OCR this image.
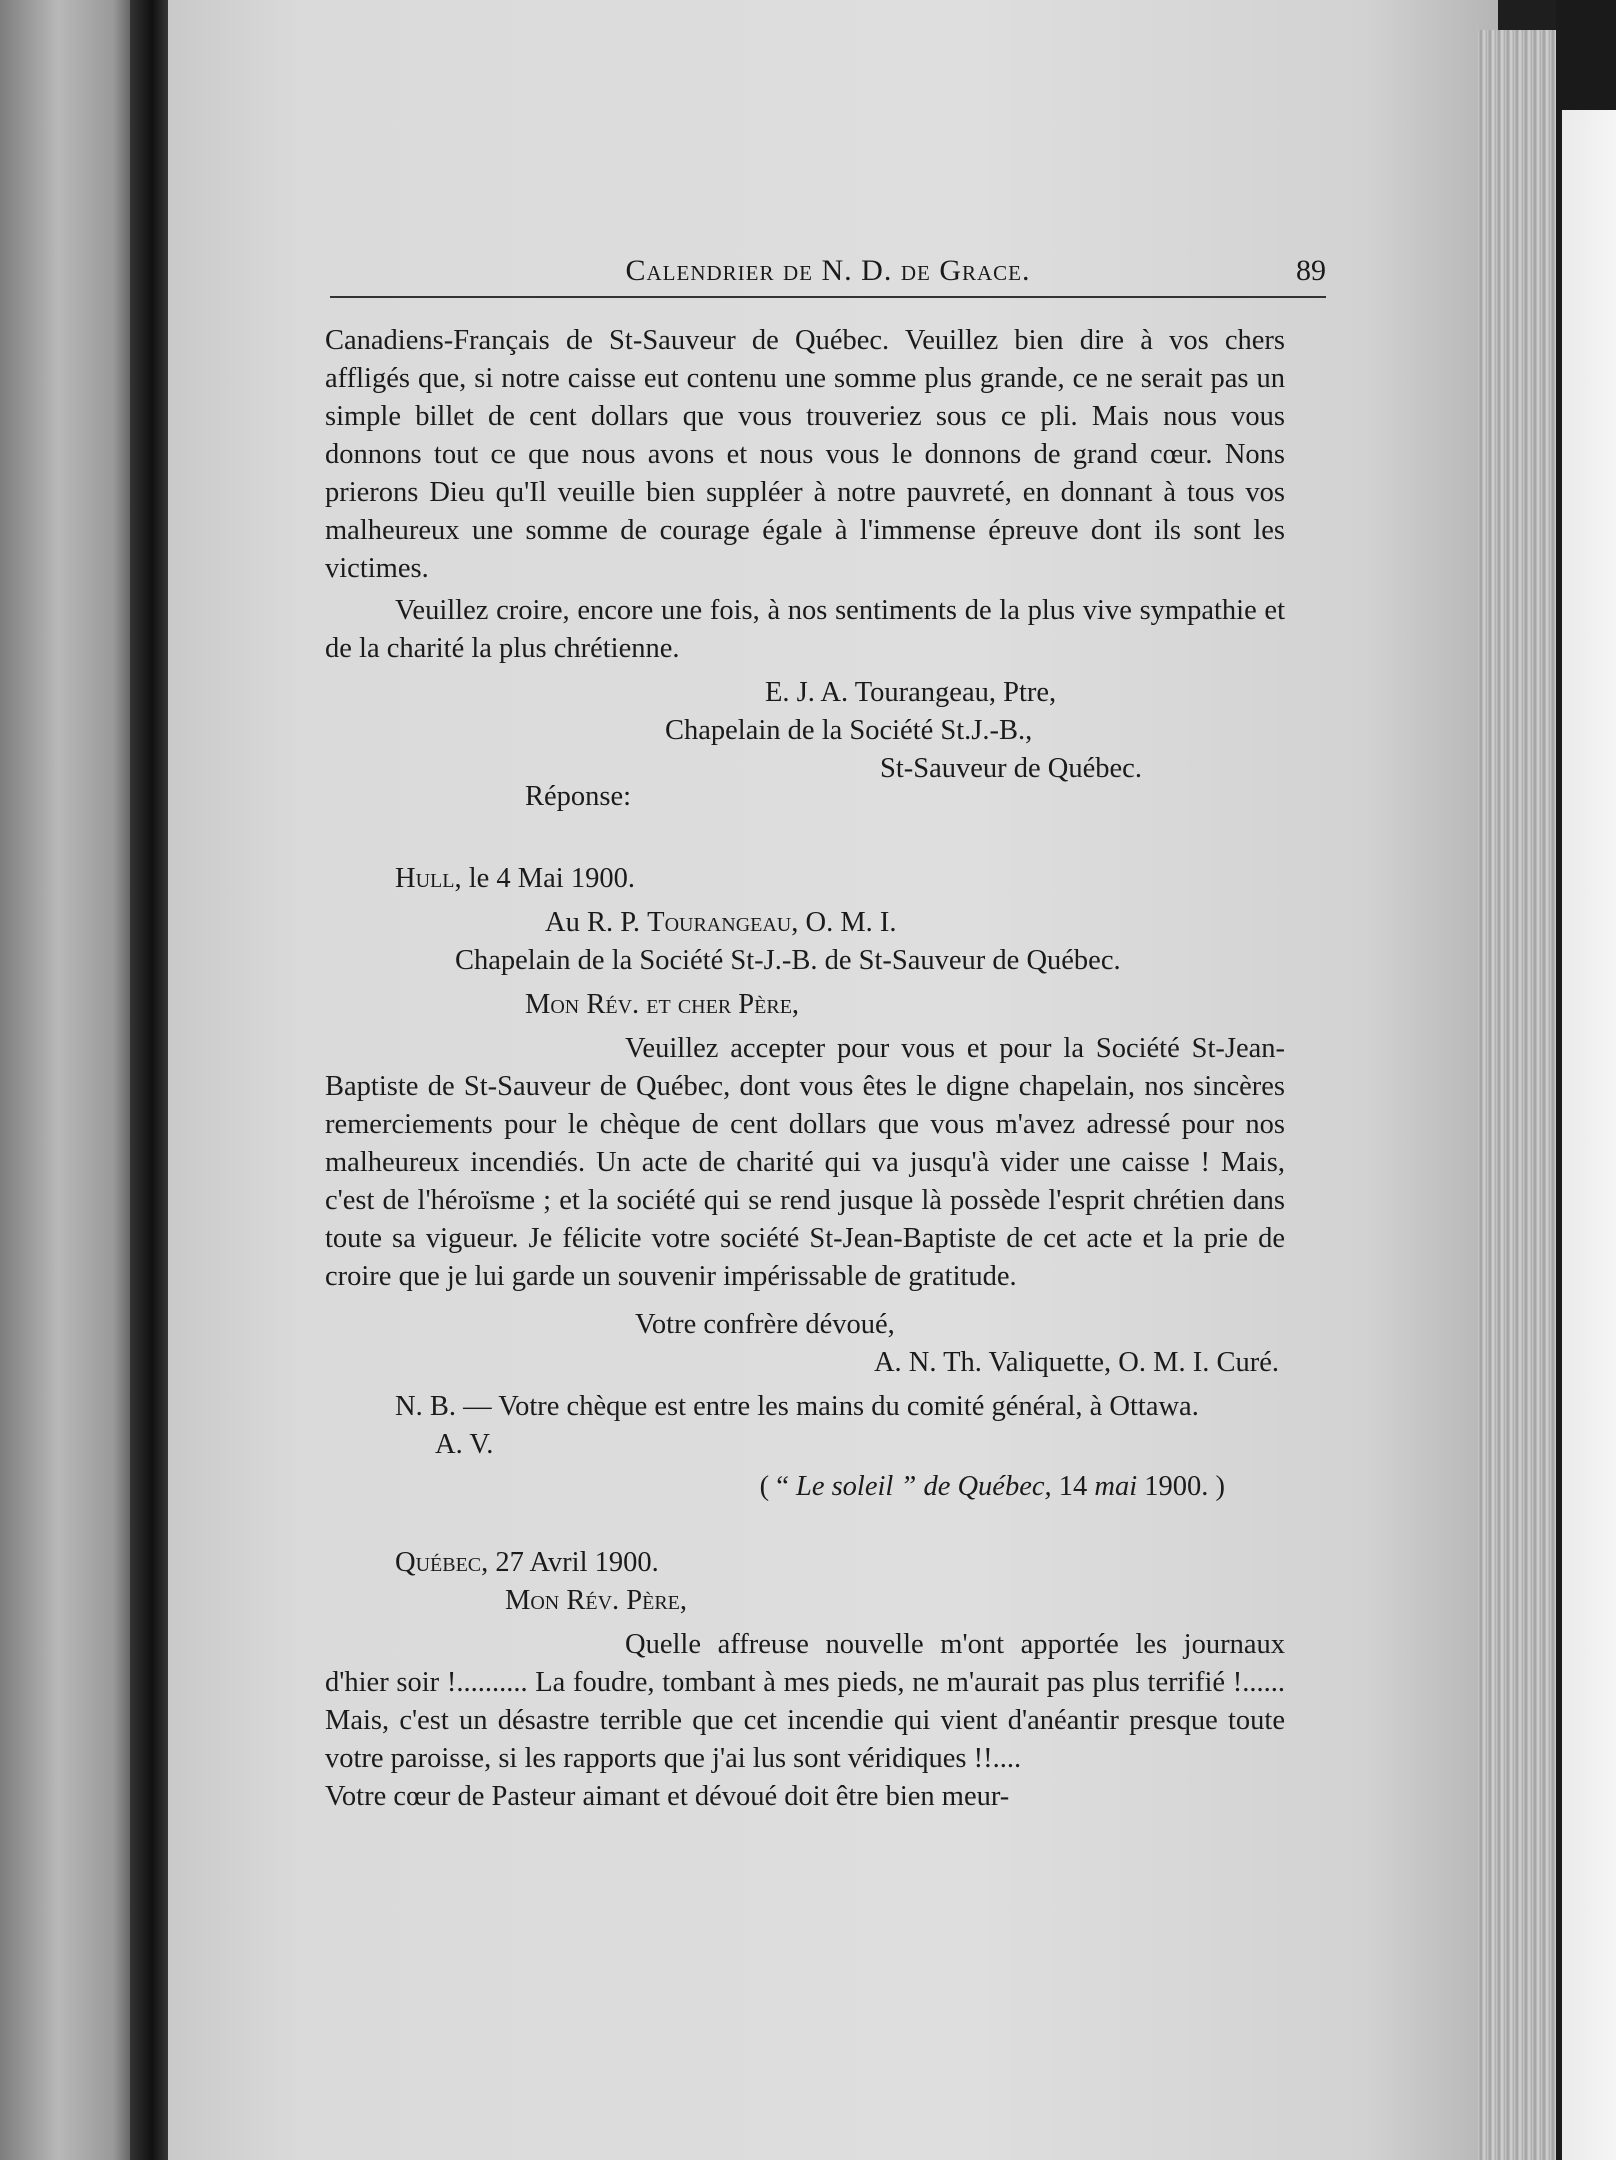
Calendrier de N. D. de Grace.	89

Canadiens-Français de St-Sauveur de Québec. Veuillez bien dire à vos chers affligés que, si notre caisse eut contenu une somme plus grande, ce ne serait pas un simple billet de cent dollars que vous trouveriez sous ce pli. Mais nous vous donnons tout ce que nous avons et nous vous le donnons de grand cœur. Nons prierons Dieu qu'Il veuille bien suppléer à notre pauvreté, en donnant à tous vos malheureux une somme de courage égale à l'immense épreuve dont ils sont les victimes.

Veuillez croire, encore une fois, à nos sentiments de la plus vive sympathie et de la charité la plus chrétienne.

E. J. A. Tourangeau, Ptre,

Chapelain de la Société St.J.-B.,

St-Sauveur de Québec.

Réponse:

Hull, le 4 Mai 1900.

Au R. P. Tourangeau, O. M. I.

Chapelain de la Société St-J.-B. de St-Sauveur de Québec.

Mon Rév. et cher Père,

Veuillez accepter pour vous et pour la Société St-Jean-Baptiste de St-Sauveur de Québec, dont vous êtes le digne chapelain, nos sincères remerciements pour le chèque de cent dollars que vous m'avez adressé pour nos malheureux incendiés. Un acte de charité qui va jusqu'à vider une caisse ! Mais, c'est de l'héroïsme ; et la société qui se rend jusque là possède l'esprit chrétien dans toute sa vigueur. Je félicite votre société St-Jean-Baptiste de cet acte et la prie de croire que je lui garde un souvenir impérissable de gratitude.

Votre confrère dévoué,

A. N. Th. Valiquette, O. M. I. Curé.

N. B. — Votre chèque est entre les mains du comité général, à Ottawa.

A. V.

( “ Le soleil ” de Québec, 14 mai 1900. )

Québec, 27 Avril 1900.

Mon Rév. Père,

Quelle affreuse nouvelle m'ont apportée les journaux d'hier soir !.......... La foudre, tombant à mes pieds, ne m'aurait pas plus terrifié !...... Mais, c'est un désastre terrible que cet incendie qui vient d'anéantir presque toute votre paroisse, si les rapports que j'ai lus sont véridiques !!....

Votre cœur de Pasteur aimant et dévoué doit être bien meur-
